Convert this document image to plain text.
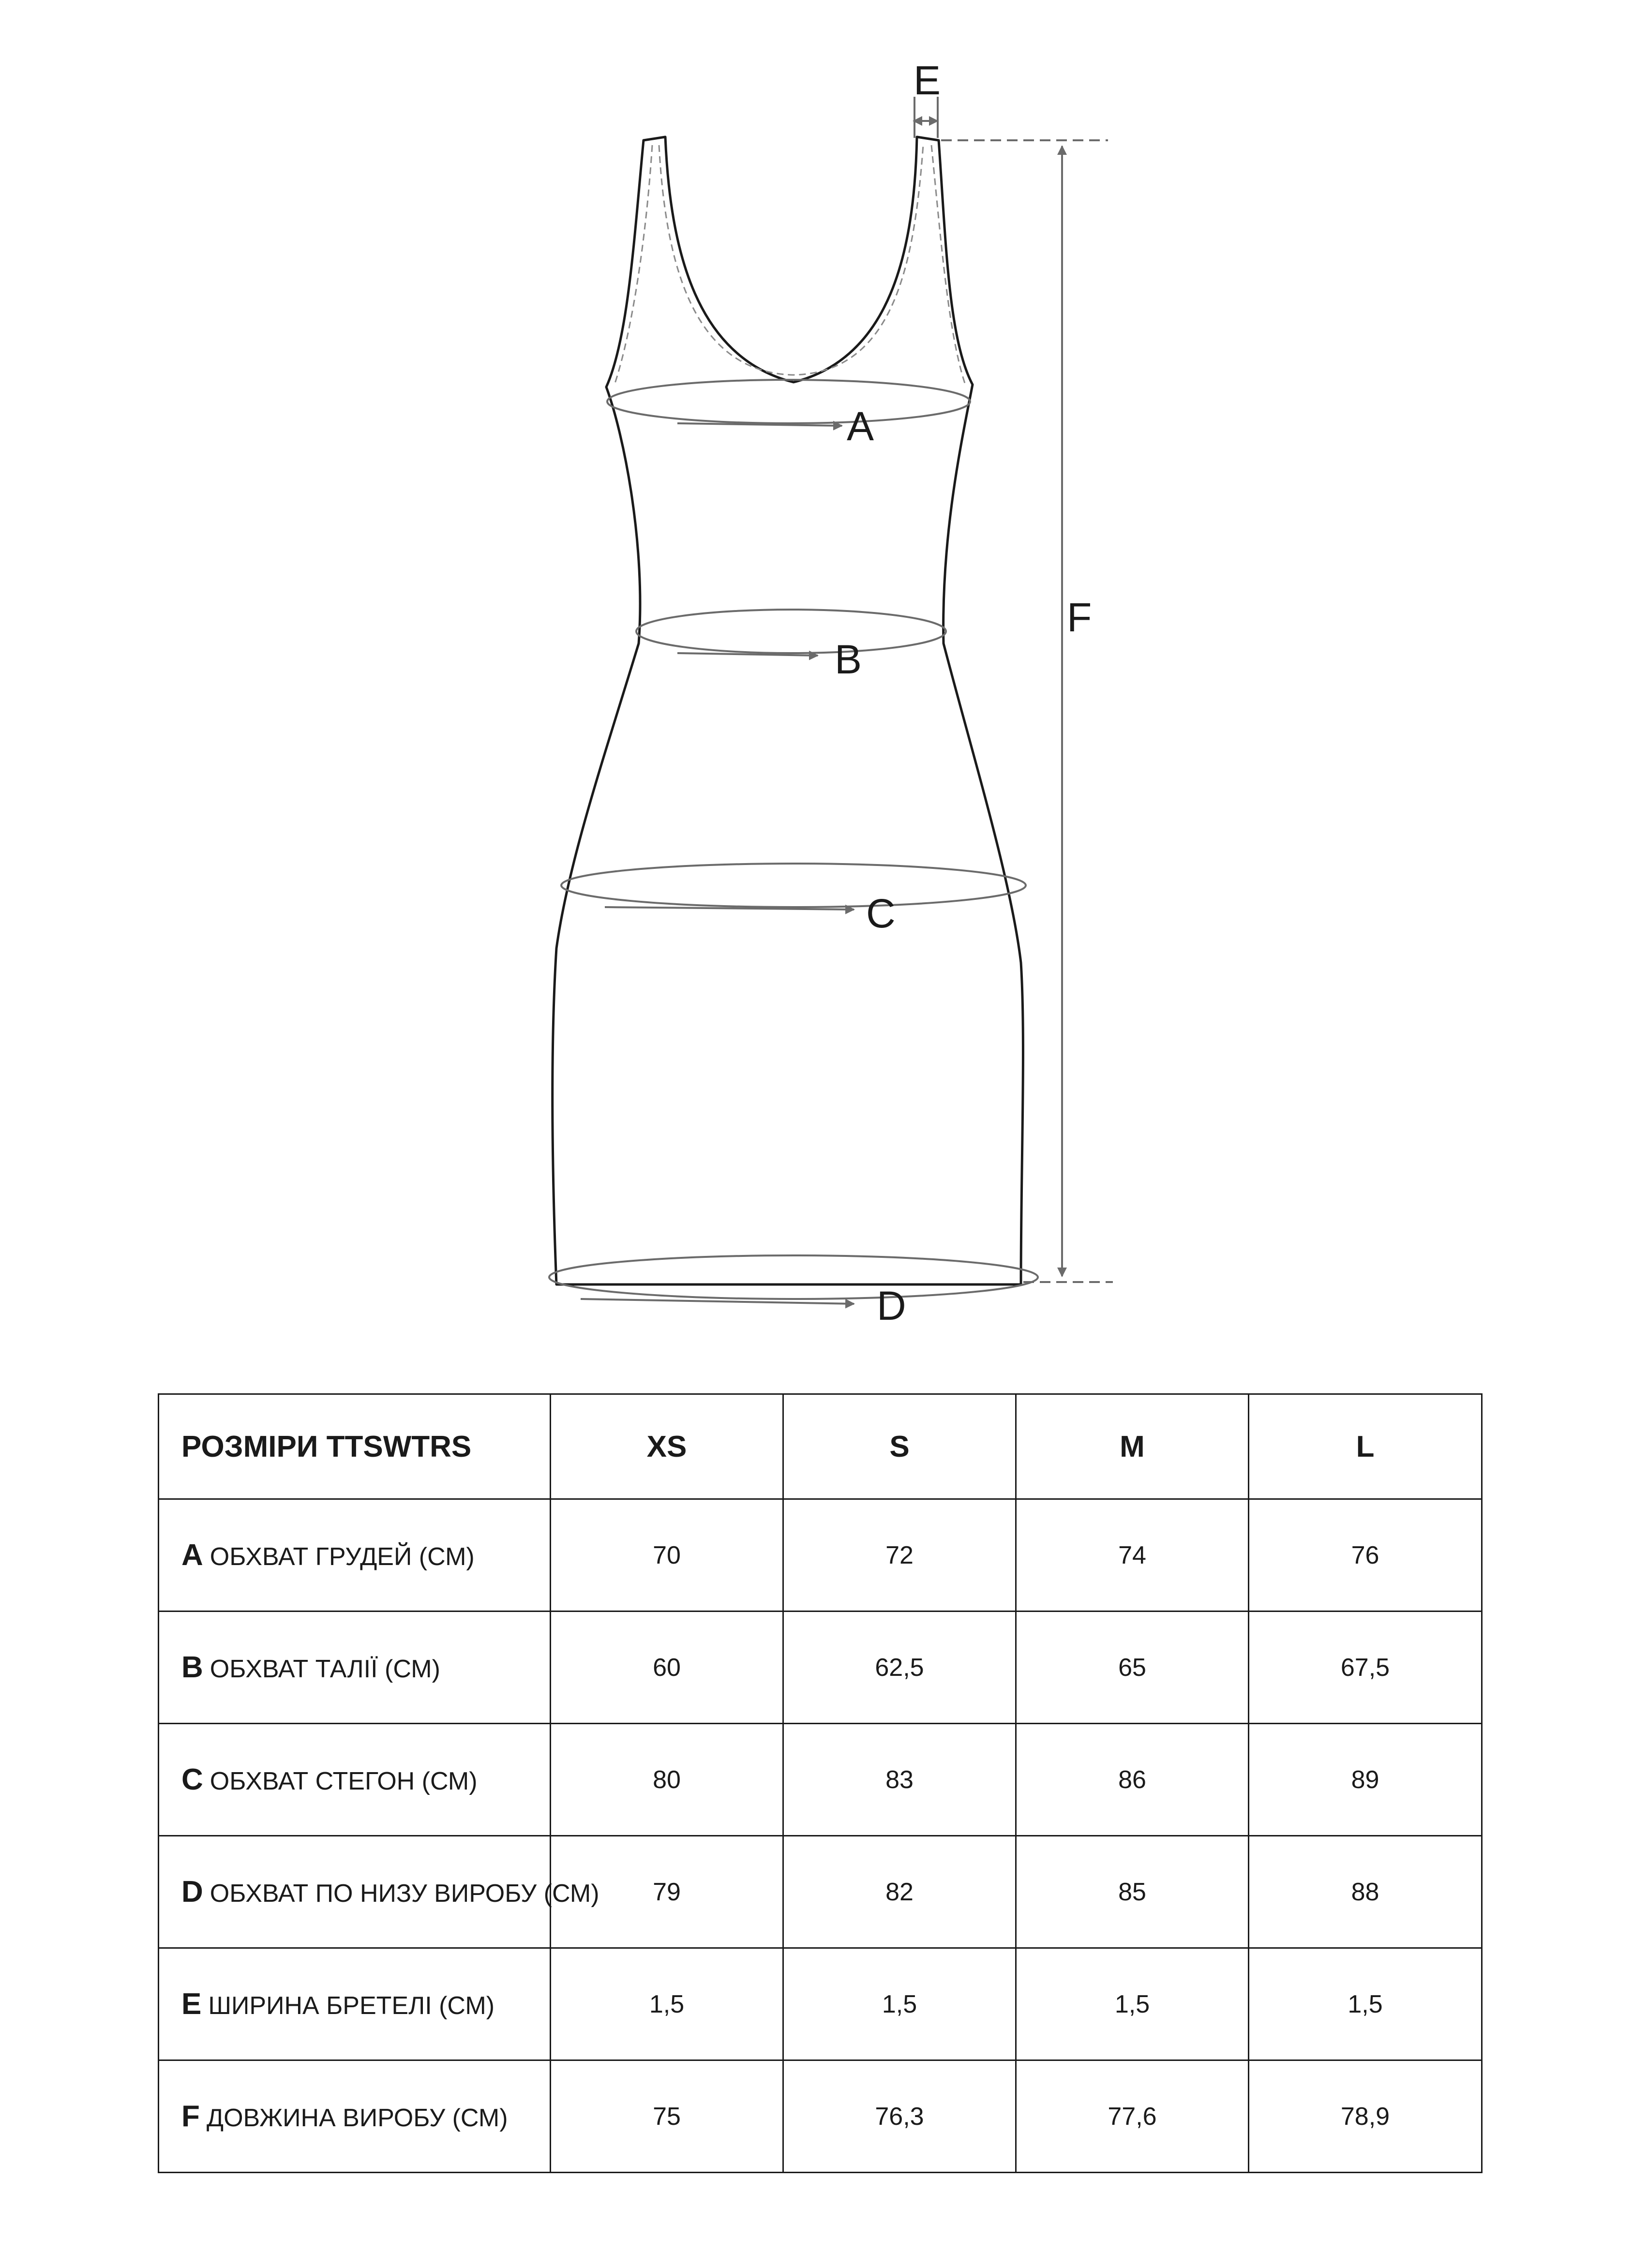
A
B
C
D
E
F
РОЗМІРИ TTSWTRS	XS	S	M	L
A ОБХВАТ ГРУДЕЙ (СМ)	70	72	74	76
B ОБХВАТ ТАЛІЇ (СМ)	60	62,5	65	67,5
C ОБХВАТ СТЕГОН (СМ)	80	83	86	89
D ОБХВАТ ПО НИЗУ ВИРОБУ (СМ)	79	82	85	88
E ШИРИНА БРЕТЕЛІ (СМ)	1,5	1,5	1,5	1,5
F ДОВЖИНА ВИРОБУ (СМ)	75	76,3	77,6	78,9
